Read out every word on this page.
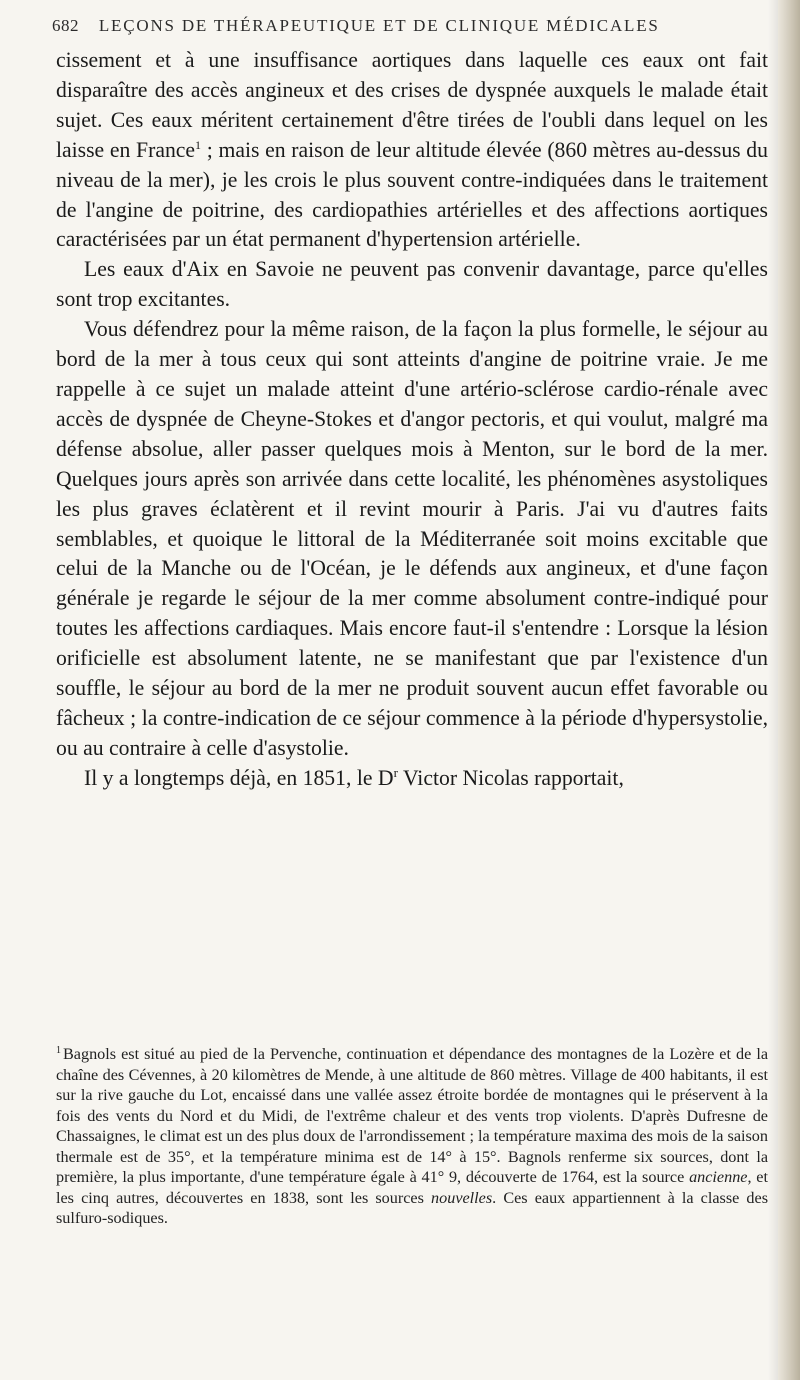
682 LEÇONS DE THÉRAPEUTIQUE ET DE CLINIQUE MÉDICALES

cissement et à une insuffisance aortiques dans laquelle ces eaux ont fait disparaître des accès angineux et des crises de dyspnée auxquels le malade était sujet. Ces eaux méritent certainement d'être tirées de l'oubli dans lequel on les laisse en France$^1$ ; mais en raison de leur altitude élevée (860 mètres au-dessus du niveau de la mer), je les crois le plus souvent contre-indiquées dans le traitement de l'angine de poitrine, des cardiopathies artérielles et des affections aortiques caractérisées par un état permanent d'hypertension artérielle.

Les eaux d'Aix en Savoie ne peuvent pas convenir davantage, parce qu'elles sont trop excitantes.

Vous défendrez pour la même raison, de la façon la plus formelle, le séjour au bord de la mer à tous ceux qui sont atteints d'angine de poitrine vraie. Je me rappelle à ce sujet un malade atteint d'une artério-sclérose cardio-rénale avec accès de dyspnée de Cheyne-Stokes et d'angor pectoris, et qui voulut, malgré ma défense absolue, aller passer quelques mois à Menton, sur le bord de la mer. Quelques jours après son arrivée dans cette localité, les phénomènes asystoliques les plus graves éclatèrent et il revint mourir à Paris. J'ai vu d'autres faits semblables, et quoique le littoral de la Méditerranée soit moins excitable que celui de la Manche ou de l'Océan, je le défends aux angineux, et d'une façon générale je regarde le séjour de la mer comme absolument contre-indiqué pour toutes les affections cardiaques. Mais encore faut-il s'entendre : Lorsque la lésion orificielle est absolument latente, ne se manifestant que par l'existence d'un souffle, le séjour au bord de la mer ne produit souvent aucun effet favorable ou fâcheux ; la contre-indication de ce séjour commence à la période d'hypersystolie, ou au contraire à celle d'asystolie.

Il y a longtemps déjà, en 1851, le $D^r$ Victor Nicolas rapportait,

$^1$ Bagnols est situé au pied de la Pervenche, continuation et dépendance des montagnes de la Lozère et de la chaîne des Cévennes, à 20 kilomètres de Mende, à une altitude de 860 mètres. Village de 400 habitants, il est sur la rive gauche du Lot, encaissé dans une vallée assez étroite bordée de montagnes qui le préservent à la fois des vents du Nord et du Midi, de l'extrême chaleur et des vents trop violents. D'après Dufresne de Chassaignes, le climat est un des plus doux de l'arrondissement ; la température maxima des mois de la saison thermale est de 35°, et la température minima est de 14° à 15°. Bagnols renferme six sources, dont la première, la plus importante, d'une température égale à 41° 9, découverte de 1764, est la source ancienne, et les cinq autres, découvertes en 1838, sont les sources nouvelles. Ces eaux appartiennent à la classe des sulfuro-sodiques.
